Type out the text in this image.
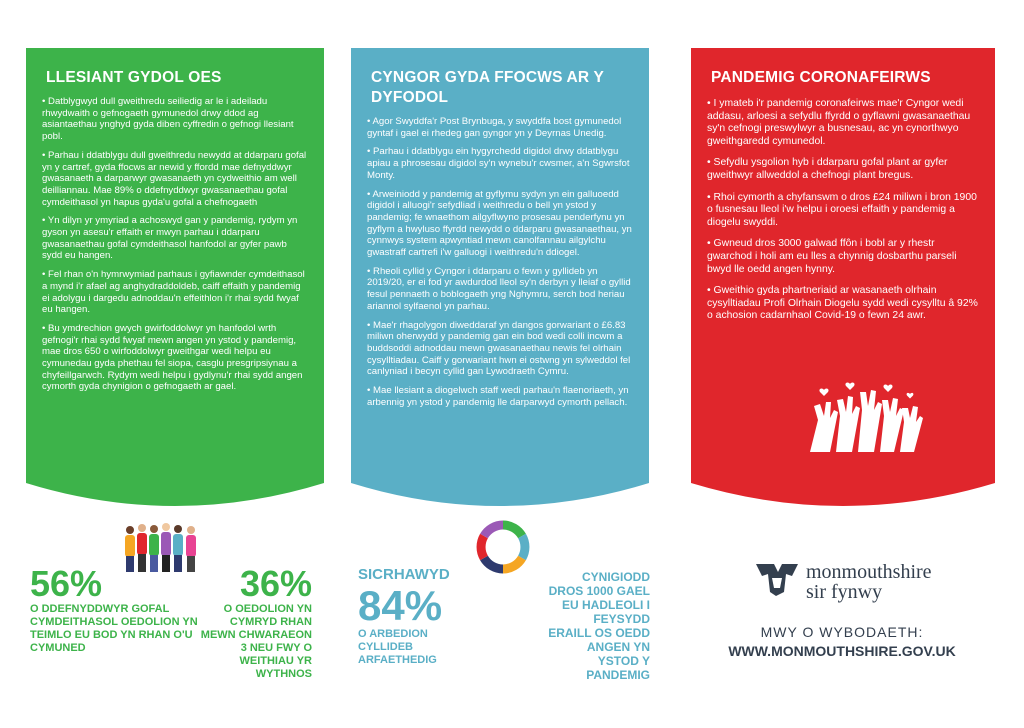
LLESIANT GYDOL OES
• Datblygwyd dull gweithredu seiliedig ar le i adeiladu rhwydwaith o gefnogaeth gymunedol drwy ddod ag asiantaethau ynghyd gyda diben cyffredin o gefnogi llesiant pobl.
• Parhau i ddatblygu dull gweithredu newydd at ddarparu gofal yn y cartref, gyda ffocws ar newid y ffordd mae defnyddwyr gwasanaeth a darparwyr gwasanaeth yn cydweithio am well deilliannau. Mae 89% o ddefnyddwyr gwasanaethau gofal cymdeithasol yn hapus gyda'u gofal a chefnogaeth
• Yn dilyn yr ymyriad a achoswyd gan y pandemig, rydym yn gyson yn asesu'r effaith er mwyn parhau i ddarparu gwasanaethau gofal cymdeithasol hanfodol ar gyfer pawb sydd eu hangen.
• Fel rhan o'n hymrwymiad parhaus i gyfiawnder cymdeithasol a mynd i'r afael ag anghydraddoldeb, caiff effaith y pandemig ei adolygu i dargedu adnoddau'n effeithlon i'r rhai sydd fwyaf eu hangen.
• Bu ymdrechion gwych gwirfoddolwyr yn hanfodol wrth gefnogi'r rhai sydd fwyaf mewn angen yn ystod y pandemig, mae dros 650 o wirfoddolwyr gweithgar wedi helpu eu cymunedau gyda phethau fel siopa, casglu presgripsiynau a chyfeillgarwch. Rydym wedi helpu i gydlynu'r rhai sydd angen cymorth gyda chynigion o gefnogaeth ar gael.
CYNGOR GYDA FFOCWS AR Y DYFODOL
• Agor Swyddfa'r Post Brynbuga, y swyddfa bost gymunedol gyntaf i gael ei rhedeg gan gyngor yn y Deyrnas Unedig.
• Parhau i ddatblygu ein hygyrchedd digidol drwy ddatblygu apiau a phrosesau digidol sy'n wynebu'r cwsmer, a'n Sgwrsfot Monty.
• Arweiniodd y pandemig at gyflymu sydyn yn ein galluoedd digidol i alluogi'r sefydliad i weithredu o bell yn ystod y pandemig; fe wnaethom ailgyflwyno prosesau penderfynu yn gyflym a hwyluso ffyrdd newydd o ddarparu gwasanaethau, yn cynnwys system apwyntiad mewn canolfannau ailgylchu gwastraff cartrefi i'w galluogi i weithredu'n ddiogel.
• Rheoli cyllid y Cyngor i ddarparu o fewn y gyllideb yn 2019/20, er ei fod yr awdurdod lleol sy'n derbyn y lleiaf o gyllid fesul pennaeth o boblogaeth yng Nghymru, serch bod heriau ariannol sylfaenol yn parhau.
• Mae'r rhagolygon diweddaraf yn dangos gorwariant o £6.83 miliwn oherwydd y pandemig gan ein bod wedi colli incwm a buddsoddi adnoddau mewn gwasanaethau newis fel olrhain cysylltiadau. Caiff y gorwariant hwn ei ostwng yn sylweddol fel canlyniad i becyn cyllid gan Lywodraeth Cymru.
• Mae llesiant a diogelwch staff wedi parhau'n flaenoriaeth, yn arbennig yn ystod y pandemig lle darparwyd cymorth pellach.
PANDEMIG CORONAFEIRWS
• I ymateb i'r pandemig coronafeirws mae'r Cyngor wedi addasu, arloesi a sefydlu ffyrdd o gyflawni gwasanaethau sy'n cefnogi preswylwyr a busnesau, ac yn cynorthwyo gweithgaredd cymunedol.
• Sefydlu ysgolion hyb i ddarparu gofal plant ar gyfer gweithwyr allweddol a chefnogi plant bregus.
• Rhoi cymorth a chyfanswm o dros £24 miliwn i bron 1900 o fusnesau lleol i'w helpu i oroesi effaith y pandemig a diogelu swyddi.
• Gwneud dros 3000 galwad ffôn i bobl ar y rhestr gwarchod i holi am eu lles a chynnig dosbarthu parseli bwyd lle oedd angen hynny.
• Gweithio gyda phartneriaid ar wasanaeth olrhain cysylltiadau Profi Olrhain Diogelu sydd wedi cysylltu â 92% o achosion cadarnhaol Covid-19 o fewn 24 awr.
56%
O DDEFNYDDWYR GOFAL CYMDEITHASOL OEDOLION YN TEIMLO EU BOD YN RHAN O'U CYMUNED
36%
O OEDOLION YN CYMRYD RHAN MEWN CHWARAEON 3 NEU FWY O WEITHIAU YR WYTHNOS
SICRHAWYD
84%
O ARBEDION CYLLIDEB ARFAETHEDIG
CYNIGIODD DROS 1000 GAEL EU HADLEOLI I FEYSYDD ERAILL OS OEDD ANGEN YN YSTOD Y PANDEMIG
monmouthshire
sir fynwy
MWY O WYBODAETH:
WWW.MONMOUTHSHIRE.GOV.UK
